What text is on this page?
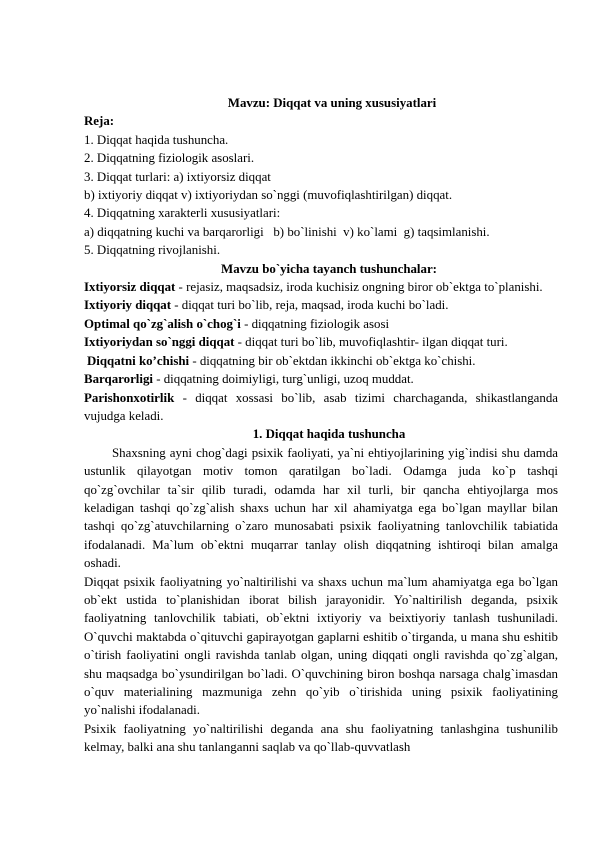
Mavzu: Diqqat va uning xususiyatlari

Reja:

1. Diqqat haqida tushuncha.

2. Diqqatning fiziologik asoslari.

3. Diqqat turlari: a) ixtiyorsiz diqqat

b) ixtiyoriy diqqat v) ixtiyoriydan so`nggi (muvofiqlashtirilgan) diqqat.

4. Diqqatning xarakterli xususiyatlari:

a) diqqatning kuchi va barqarorligi   b) bo`linishi  v) ko`lami  g) taqsimlanishi.

5. Diqqatning rivojlanishi.

Mavzu bo`yicha tayanch tushunchalar:

Ixtiyorsiz diqqat - rejasiz, maqsadsiz, iroda kuchisiz ongning biror ob`ektga to`planishi.

Ixtiyoriy diqqat - diqqat turi bo`lib, reja, maqsad, iroda kuchi bo`ladi.

Optimal qo`zg`alish o`chog`i - diqqatning fiziologik asosi

Ixtiyoriydan so`nggi diqqat - diqqat turi bo`lib, muvofiqlashtir- ilgan diqqat turi.

Diqqatni ko’chishi - diqqatning bir ob`ektdan ikkinchi ob`ektga ko`chishi.

Barqarorligi - diqqatning doimiyligi, turg`unligi, uzoq muddat.

Parishonxotirlik - diqqat xossasi bo`lib, asab tizimi charchaganda, shikastlanganda vujudga keladi.

1. Diqqat haqida tushuncha

Shaxsning ayni chog`dagi psixik faoliyati, ya`ni ehtiyojlarining yig`indisi shu damda ustunlik qilayotgan motiv tomon qaratilgan bo`ladi. Odamga juda ko`p tashqi qo`zg`ovchilar ta`sir qilib turadi, odamda har xil turli, bir qancha ehtiyojlarga mos keladigan tashqi qo`zg`alish shaxs uchun har xil ahamiyatga ega bo`lgan mayllar bilan tashqi qo`zg`atuvchilarning o`zaro munosabati psixik faoliyatning tanlovchilik tabiatida ifodalanadi. Ma`lum ob`ektni muqarrar tanlay olish diqqatning ishtiroqi bilan amalga oshadi.

Diqqat psixik faoliyatning yo`naltirilishi va shaxs uchun ma`lum ahamiyatga ega bo`lgan ob`ekt ustida to`planishidan iborat bilish jarayonidir. Yo`naltirilish deganda, psixik faoliyatning tanlovchilik tabiati, ob`ektni ixtiyoriy va beixtiyoriy tanlash tushuniladi. O`quvchi maktabda o`qituvchi gapirayotgan gaplarni eshitib o`tirganda, u mana shu eshitib o`tirish faoliyatini ongli ravishda tanlab olgan, uning diqqati ongli ravishda qo`zg`algan, shu maqsadga bo`ysundirilgan bo`ladi. O`quvchining biron boshqa narsaga chalg`imasdan o`quv materialining mazmuniga zehn qo`yib o`tirishida uning psixik faoliyatining yo`nalishi ifodalanadi.

Psixik faoliyatning yo`naltirilishi deganda ana shu faoliyatning tanlashgina tushunilib kelmay, balki ana shu tanlanganni saqlab va qo`llab-quvvatlash
